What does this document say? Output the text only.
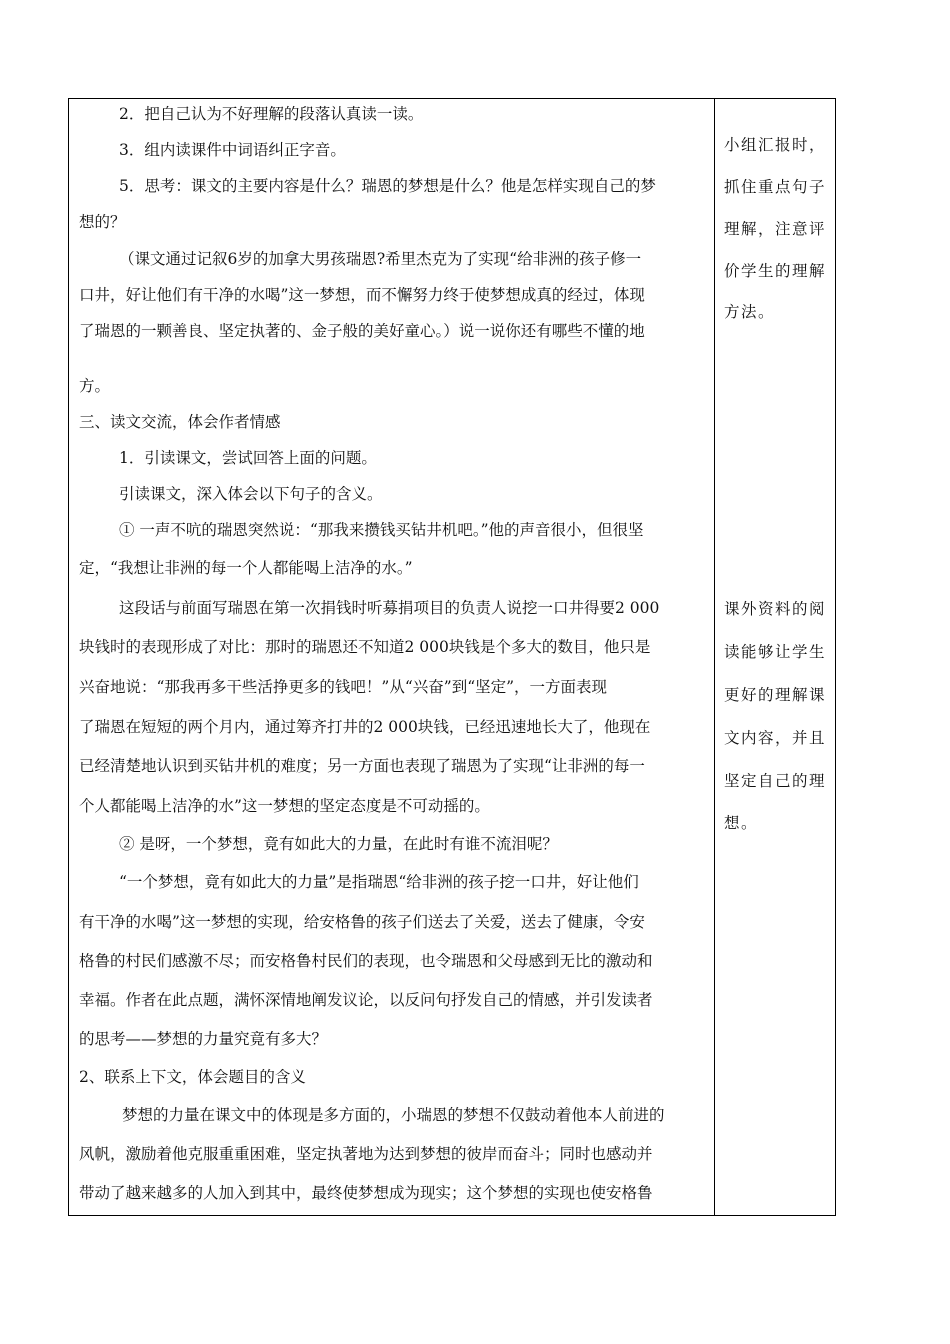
2．把自己认为不好理解的段落认真读一读。
3．组内读课件中词语纠正字音。
5．思考：课文的主要内容是什么？瑞恩的梦想是什么？他是怎样实现自己的梦
想的？
（课文通过记叙6岁的加拿大男孩瑞恩?希里杰克为了实现“给非洲的孩子修一
口井，好让他们有干净的水喝”这一梦想，而不懈努力终于使梦想成真的经过，体现
了瑞恩的一颗善良、坚定执著的、金子般的美好童心。）说一说你还有哪些不懂的地
方。
三、读文交流，体会作者情感
1．引读课文，尝试回答上面的问题。
引读课文，深入体会以下句子的含义。
① 一声不吭的瑞恩突然说：“那我来攒钱买钻井机吧。”他的声音很小，但很坚
定，“我想让非洲的每一个人都能喝上洁净的水。”
这段话与前面写瑞恩在第一次捐钱时听募捐项目的负责人说挖一口井得要2 000
块钱时的表现形成了对比：那时的瑞恩还不知道2 000块钱是个多大的数目，他只是
兴奋地说：“那我再多干些活挣更多的钱吧！”从“兴奋”到“坚定”，一方面表现
了瑞恩在短短的两个月内，通过筹齐打井的2 000块钱，已经迅速地长大了，他现在
已经清楚地认识到买钻井机的难度；另一方面也表现了瑞恩为了实现“让非洲的每一
个人都能喝上洁净的水”这一梦想的坚定态度是不可动摇的。
② 是呀，一个梦想，竟有如此大的力量，在此时有谁不流泪呢？
“一个梦想，竟有如此大的力量”是指瑞恩“给非洲的孩子挖一口井，好让他们
有干净的水喝”这一梦想的实现，给安格鲁的孩子们送去了关爱，送去了健康，令安
格鲁的村民们感激不尽；而安格鲁村民们的表现，也令瑞恩和父母感到无比的激动和
幸福。作者在此点题，满怀深情地阐发议论，以反问句抒发自己的情感，并引发读者
的思考——梦想的力量究竟有多大？
2、联系上下文，体会题目的含义
梦想的力量在课文中的体现是多方面的，小瑞恩的梦想不仅鼓动着他本人前进的
风帆，激励着他克服重重困难，坚定执著地为达到梦想的彼岸而奋斗；同时也感动并
带动了越来越多的人加入到其中，最终使梦想成为现实；这个梦想的实现也使安格鲁
小组汇报时，
抓住重点句子
理解，注意评
价学生的理解
方法。
课外资料的阅
读能够让学生
更好的理解课
文内容，并且
坚定自己的理
想。
